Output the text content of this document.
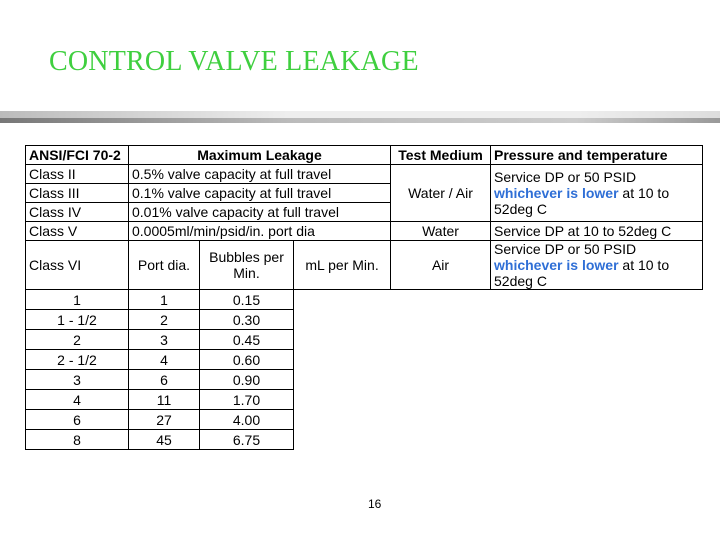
CONTROL VALVE LEAKAGE
ANSI/FCI 70-2	Maximum Leakage			Test Medium	Pressure and temperature
Class II	0.5% valve capacity at full travel			Water / Air	Service DP or 50 PSID
whichever is lower at 10 to 52deg C
Class III	0.1% valve capacity at full travel				
Class IV	0.01% valve capacity at full travel				
Class V	0.0005ml/min/psid/in. port dia			Water	Service DP at 10 to 52deg C
Class VI	Port dia.	Bubbles per Min.	mL per Min.	Air	Service DP or 50 PSID
whichever is lower at 10 to 52deg C
1	1	0.15			
1 - 1/2	2	0.30			
2	3	0.45			
2 - 1/2	4	0.60			
3	6	0.90			
4	11	1.70			
6	27	4.00			
8	45	6.75			
16
